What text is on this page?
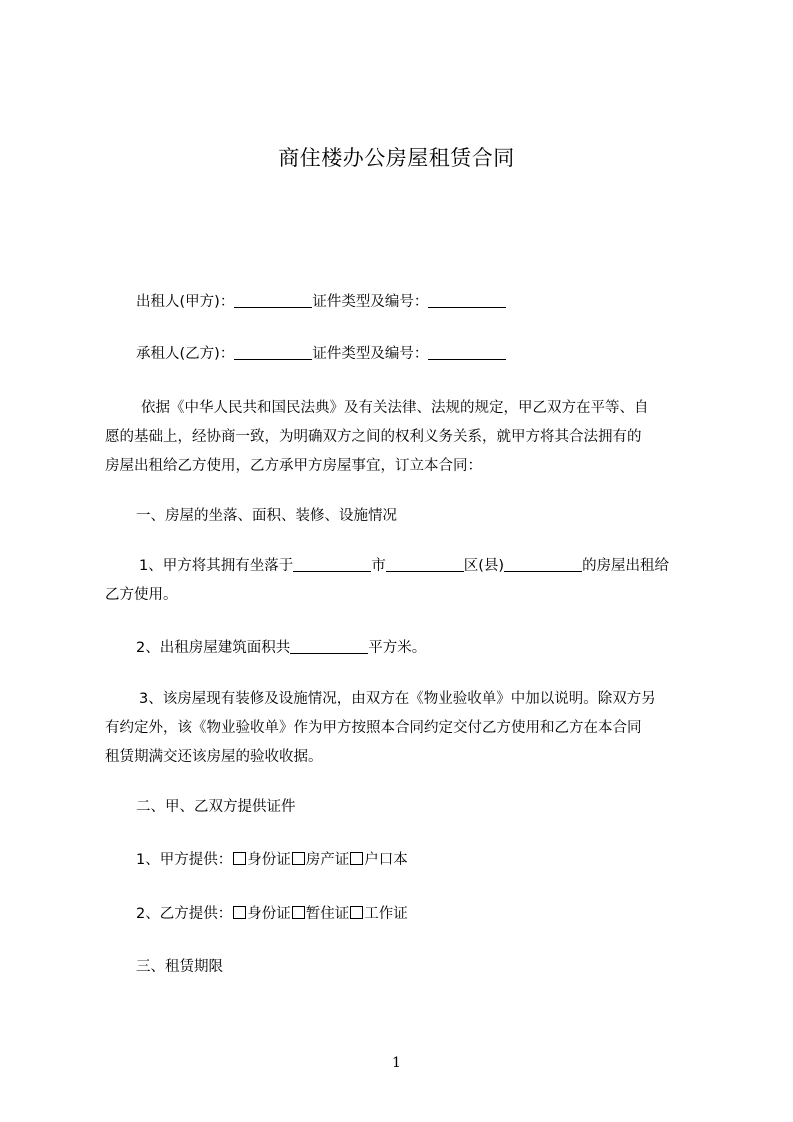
商住楼办公房屋租赁合同
出租人(甲方)：	证件类型及编号：
承租人(乙方)：	证件类型及编号：
依据《中华人民共和国民法典》及有关法律、法规的规定，甲乙双方在平等、自
愿的基础上，经协商一致，为明确双方之间的权利义务关系，就甲方将其合法拥有的
房屋出租给乙方使用，乙方承甲方房屋事宜，订立本合同：
一、房屋的坐落、面积、装修、设施情况
1、甲方将其拥有坐落于	市	区(县)	的房屋出租给
乙方使用。
2、出租房屋建筑面积共	平方米。
3、该房屋现有装修及设施情况，由双方在《物业验收单》中加以说明。除双方另
有约定外，该《物业验收单》作为甲方按照本合同约定交付乙方使用和乙方在本合同
租赁期满交还该房屋的验收收据。
二、甲、乙双方提供证件
1、甲方提供： 身份证 房产证 户口本
2、乙方提供： 身份证 暂住证 工作证
三、租赁期限
1
